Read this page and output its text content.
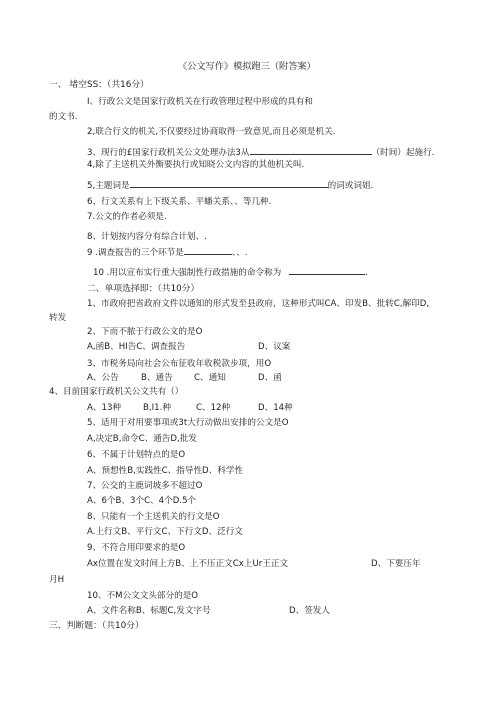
《公文写作》模拟跑三（附答案）
一、 堵空SS：（共16分）
I、行政公文是国家行政机关在行政管理过程中形成的具有和
的文书.
2,联合行文的机关,不仅要经过协商取得一致意见,而且必须是机关.
3、现行的£国家行政机关公文处理办法3从	（时间）起施行.
4,除了主送机关外衡要执行或知晓公文内容的其他机关叫.
5,主题词是	的词或词姐.
6、行文关系有上下级关系、平蟠关系、、等几种.
7.公文的作者必须是.
8、计划按内容分有综合计划、.
9 .调查报告的三个环节是	、、.
10 .用以宣布实行重大强制性行政措施的命令称为	.
二、单项选择即：（共10分）
1、市政府把省政府文件以通知的形式发至县政府，这种形式叫CA、印发B、批转C,解印D,
转发
2、下而不脓于行政公文的是O
A,函B、HI告C、调查报告	D、议案
3、市税务局向社会公布征收年收税款步项，用O
A、公告	B、通告 C、通知	D、函
4、目前国家行政机关公文共有（）
A、13种	B,I1.种	C、12种	D、14种
5、适用于对用要事项或3t大行动做出安排的公文是O
A,决定B,命令C、通告D,批发
6、不属于计划特点的是O
A、预想性B,实践性C、指导性D、科学性
7、公交的主鹿词坡多不超过O
A、6个B、3个C、4个D.5个
8、只能有一个主送机关的行文是O
A.上行文B、平行文C、下行文D、泛行文
9、不符合用印要求的是O
Ax位置在发文时间上方B、上不压正文Cx上Ur王正文	D、下要压年
月H
10、不M公文文头部分的是O
A、文件名称B、标题C,发文字号	D、签发人
三、判断题：（共10分）
